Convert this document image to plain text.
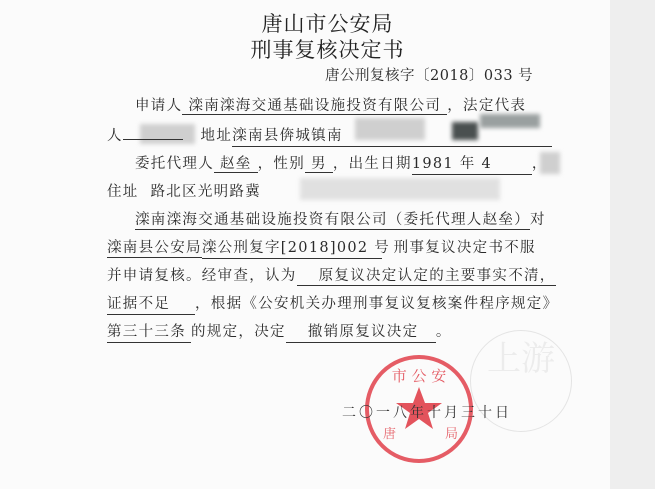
上游
市 公 安
唐	局
唐山市公安局
刑事复核决定书
唐公刑复核字〔2018〕033 号
申请人 滦南滦海交通基础设施投资有限公司 ，法定代表
人	地址滦南县倴城镇南
委托代理人 赵垒 ，性别 男 ，出生日期1981 年 4	，
住址 路北区光明路冀
滦南滦海交通基础设施投资有限公司（委托代理人赵垒）对
滦南县公安局滦公刑复字[2018]002 号 刑事复议决定书不服
并申请复核。经审查，认为 原复议决定认定的主要事实不清，
证据不足 ，根据《公安机关办理刑事复议复核案件程序规定》
第三十三条 的规定，决定 撤销原复议决定 。
二〇一八年十月三十日
